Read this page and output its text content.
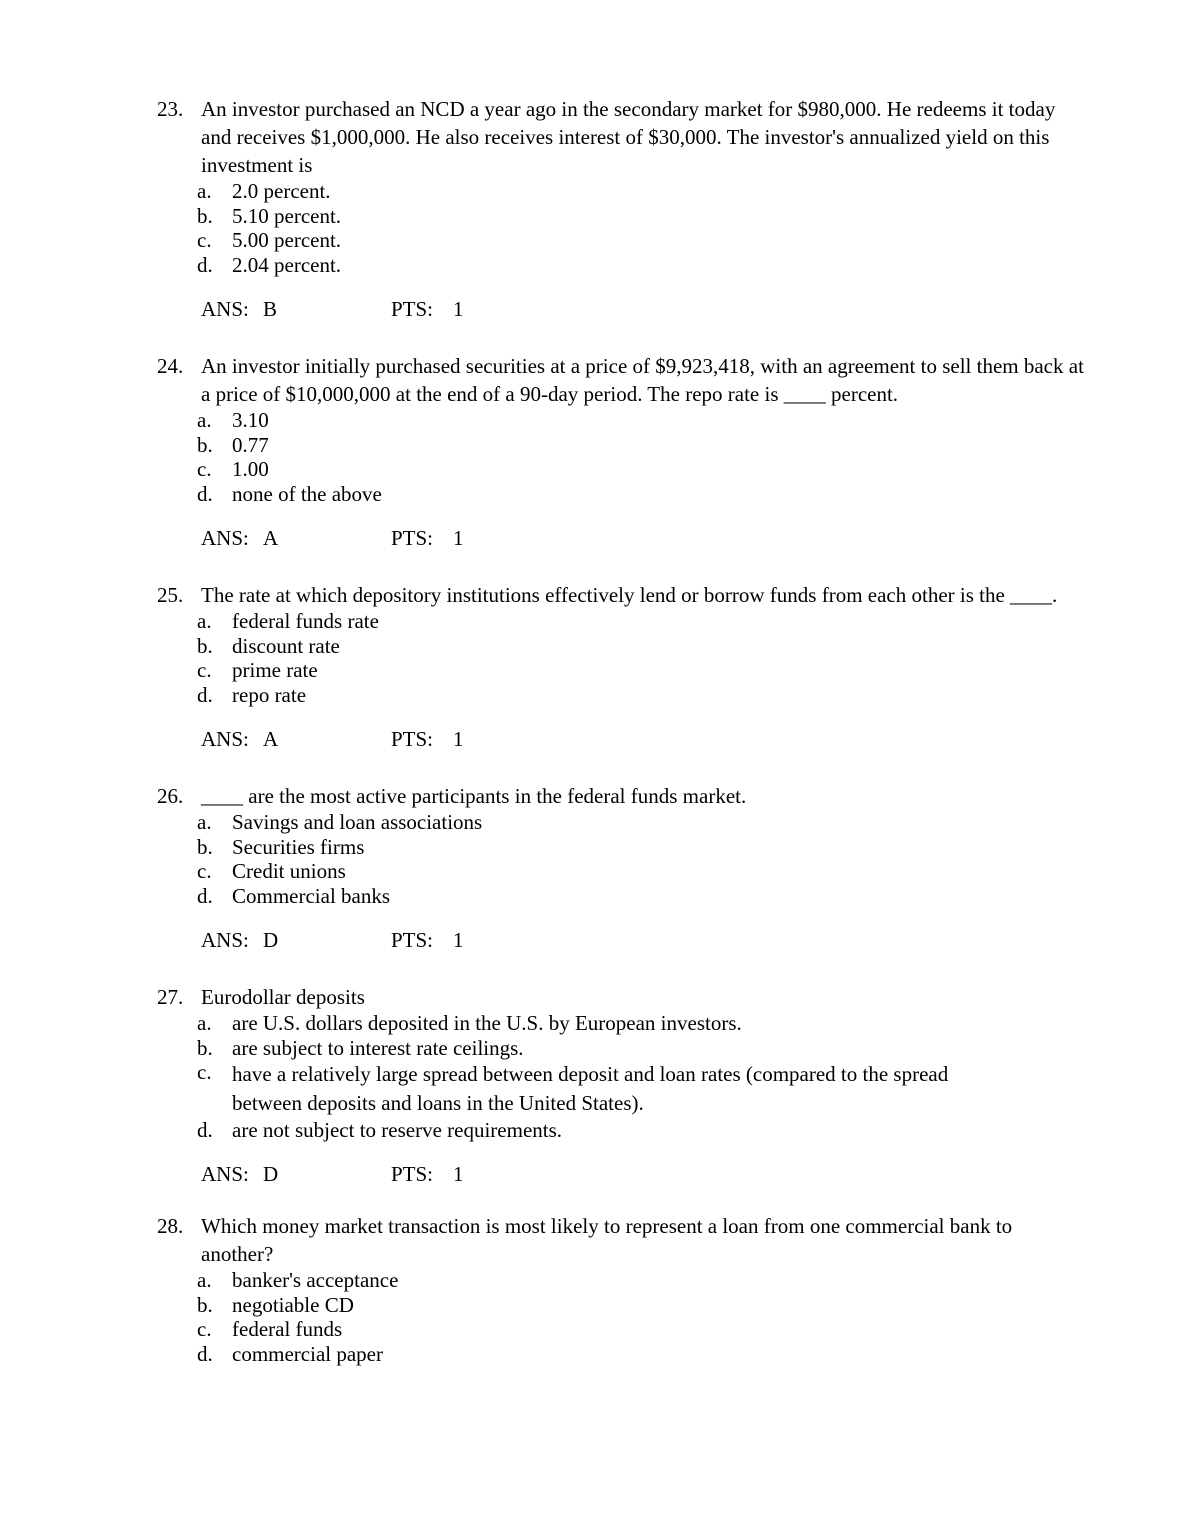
23. An investor purchased an NCD a year ago in the secondary market for $980,000. He redeems it today and receives $1,000,000. He also receives interest of $30,000. The investor's annualized yield on this investment is
a. 2.0 percent.
b. 5.10 percent.
c. 5.00 percent.
d. 2.04 percent.
ANS: B	PTS: 1
24. An investor initially purchased securities at a price of $9,923,418, with an agreement to sell them back at a price of $10,000,000 at the end of a 90-day period. The repo rate is ____ percent.
a. 3.10
b. 0.77
c. 1.00
d. none of the above
ANS: A	PTS: 1
25. The rate at which depository institutions effectively lend or borrow funds from each other is the ____.
a. federal funds rate
b. discount rate
c. prime rate
d. repo rate
ANS: A	PTS: 1
26. ____ are the most active participants in the federal funds market.
a. Savings and loan associations
b. Securities firms
c. Credit unions
d. Commercial banks
ANS: D	PTS: 1
27. Eurodollar deposits
a. are U.S. dollars deposited in the U.S. by European investors.
b. are subject to interest rate ceilings.
c. have a relatively large spread between deposit and loan rates (compared to the spread between deposits and loans in the United States).
d. are not subject to reserve requirements.
ANS: D	PTS: 1
28. Which money market transaction is most likely to represent a loan from one commercial bank to another?
a. banker's acceptance
b. negotiable CD
c. federal funds
d. commercial paper
